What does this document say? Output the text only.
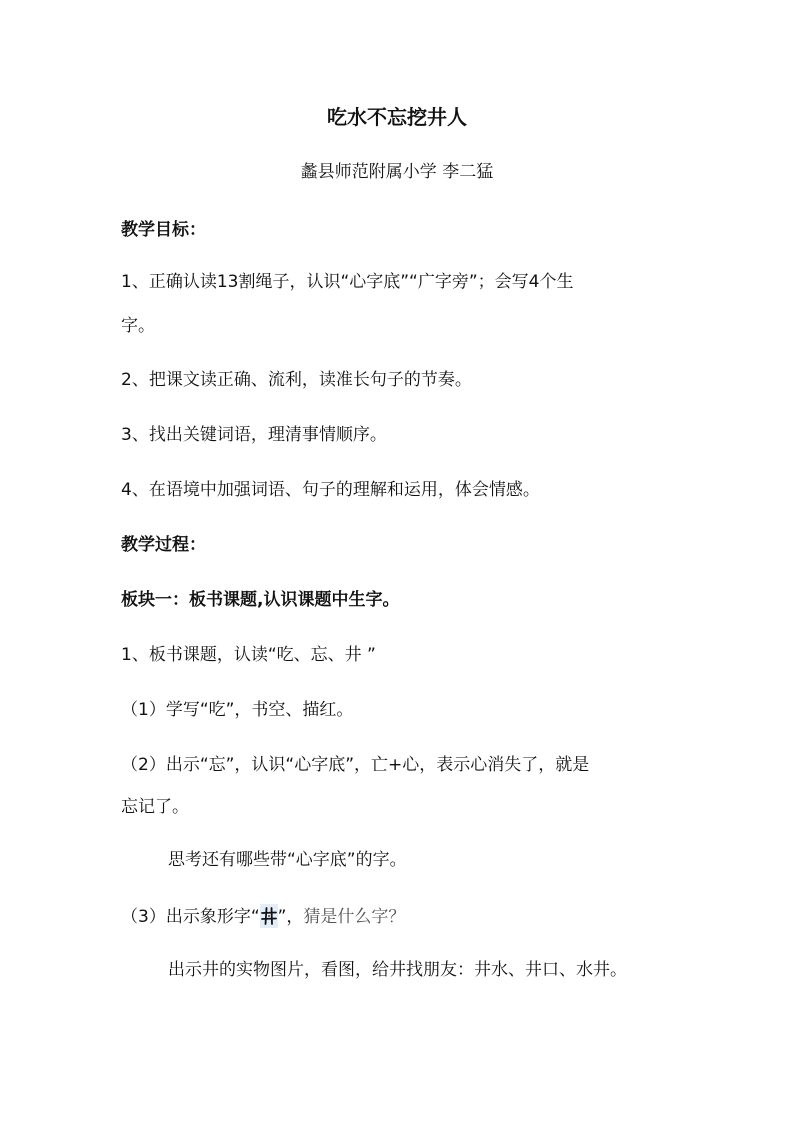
吃水不忘挖井人
蠡县师范附属小学 李二猛
教学目标：
1、正确认读13割绳子，认识“心字底”“广字旁”；会写4个生
字。
2、把课文读正确、流利，读准长句子的节奏。
3、找出关键词语，理清事情顺序。
4、在语境中加强词语、句子的理解和运用，体会情感。
教学过程：
板块一：板书课题,认识课题中生字。
1、板书课题，认读“吃、忘、井 ”
（1）学写“吃”，书空、描红。
（2）出示“忘”，认识“心字底”，亡+心，表示心消失了，就是
忘记了。
思考还有哪些带“心字底”的字。
（3）出示象形字“ ”，猜是什么字？
出示井的实物图片，看图，给井找朋友：井水、井口、水井。
